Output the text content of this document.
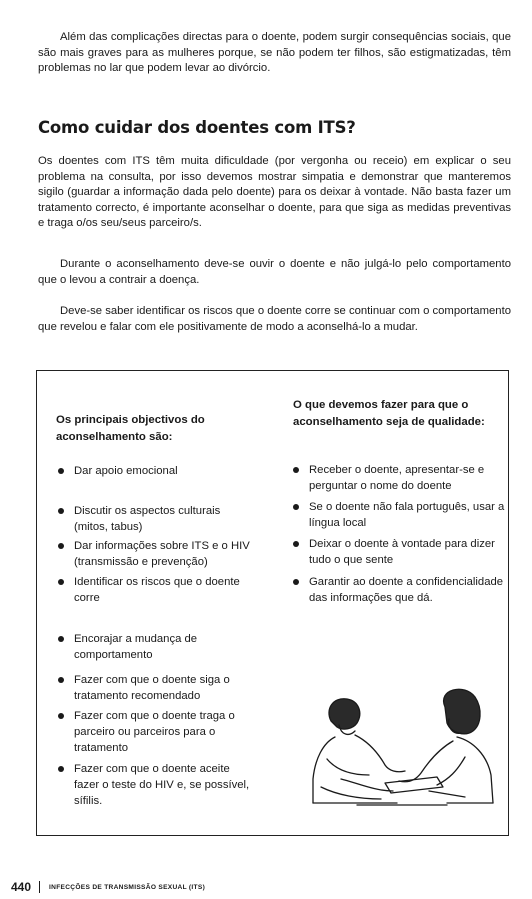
Além das complicações directas para o doente, podem surgir consequências sociais, que são mais graves para as mulheres porque, se não podem ter filhos, são estigmatizadas, têm problemas no lar que podem levar ao divórcio.

Como cuidar dos doentes com ITS?

Os doentes com ITS têm muita dificuldade (por vergonha ou receio) em explicar o seu problema na consulta, por isso devemos mostrar simpatia e demonstrar que manteremos sigilo (guardar a informação dada pelo doente) para os deixar à vontade. Não basta fazer um tratamento correcto, é importante aconselhar o doente, para que siga as medidas preventivas e traga o/os seu/seus parceiro/s.

Durante o aconselhamento deve-se ouvir o doente e não julgá-lo pelo comportamento que o levou a contrair a doença.

Deve-se saber identificar os riscos que o doente corre se continuar com o comportamento que revelou e falar com ele positivamente de modo a aconselhá-lo a mudar.

Os principais objectivos do aconselhamento são:

Dar apoio emocional
Discutir os aspectos culturais (mitos, tabus)
Dar informações sobre ITS e o HIV (transmissão e prevenção)
Identificar os riscos que o doente corre
Encorajar a mudança de comportamento
Fazer com que o doente siga o tratamento recomendado
Fazer com que o doente traga o parceiro ou parceiros para o tratamento
Fazer com que o doente aceite fazer o teste do HIV e, se possível, sífilis.

O que devemos fazer para que o aconselhamento seja de qualidade:

Receber o doente, apresentar-se e perguntar o nome do doente
Se o doente não fala português, usar a língua local
Deixar o doente à vontade para dizer tudo o que sente
Garantir ao doente a confidencialidade das informações que dá.
440	INFECÇÕES DE TRANSMISSÃO SEXUAL (ITS)
